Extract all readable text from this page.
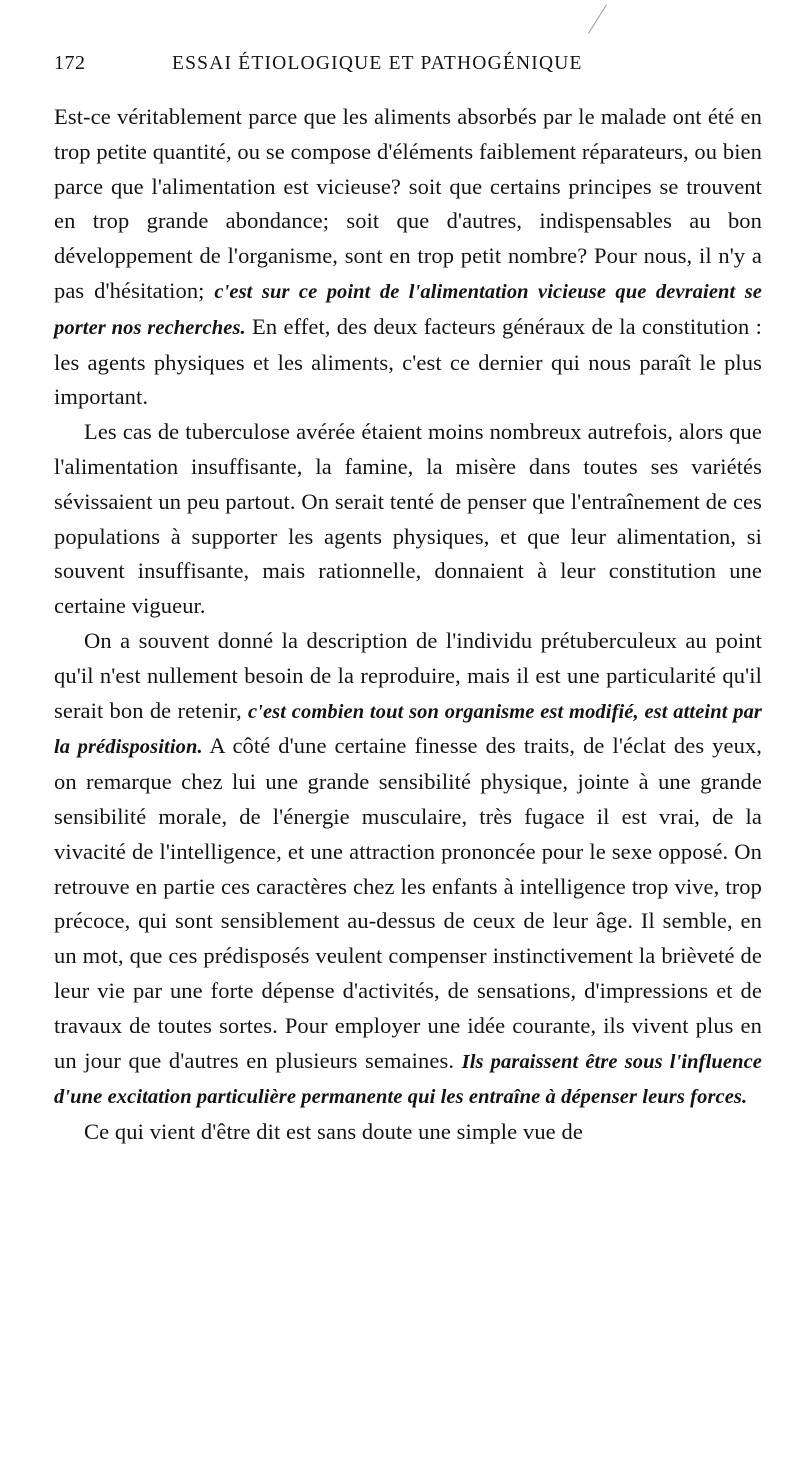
172	ESSAI ÉTIOLOGIQUE ET PATHOGÉNIQUE

Est-ce véritablement parce que les aliments absorbés par le malade ont été en trop petite quantité, ou se compose d'éléments faiblement réparateurs, ou bien parce que l'alimentation est vicieuse? soit que certains principes se trouvent en trop grande abondance; soit que d'autres, indispensables au bon développement de l'organisme, sont en trop petit nombre? Pour nous, il n'y a pas d'hésitation; c'est sur ce point de l'alimentation vicieuse que devraient se porter nos recherches. En effet, des deux facteurs généraux de la constitution : les agents physiques et les aliments, c'est ce dernier qui nous paraît le plus important.

Les cas de tuberculose avérée étaient moins nombreux autrefois, alors que l'alimentation insuffisante, la famine, la misère dans toutes ses variétés sévissaient un peu partout. On serait tenté de penser que l'entraînement de ces populations à supporter les agents physiques, et que leur alimentation, si souvent insuffisante, mais rationnelle, donnaient à leur constitution une certaine vigueur.

On a souvent donné la description de l'individu prétuberculeux au point qu'il n'est nullement besoin de la reproduire, mais il est une particularité qu'il serait bon de retenir, c'est combien tout son organisme est modifié, est atteint par la prédisposition. A côté d'une certaine finesse des traits, de l'éclat des yeux, on remarque chez lui une grande sensibilité physique, jointe à une grande sensibilité morale, de l'énergie musculaire, très fugace il est vrai, de la vivacité de l'intelligence, et une attraction prononcée pour le sexe opposé. On retrouve en partie ces caractères chez les enfants à intelligence trop vive, trop précoce, qui sont sensiblement au-dessus de ceux de leur âge. Il semble, en un mot, que ces prédisposés veulent compenser instinctivement la brièveté de leur vie par une forte dépense d'activités, de sensations, d'impressions et de travaux de toutes sortes. Pour employer une idée courante, ils vivent plus en un jour que d'autres en plusieurs semaines. Ils paraissent être sous l'influence d'une excitation particulière permanente qui les entraîne à dépenser leurs forces.

Ce qui vient d'être dit est sans doute une simple vue de
